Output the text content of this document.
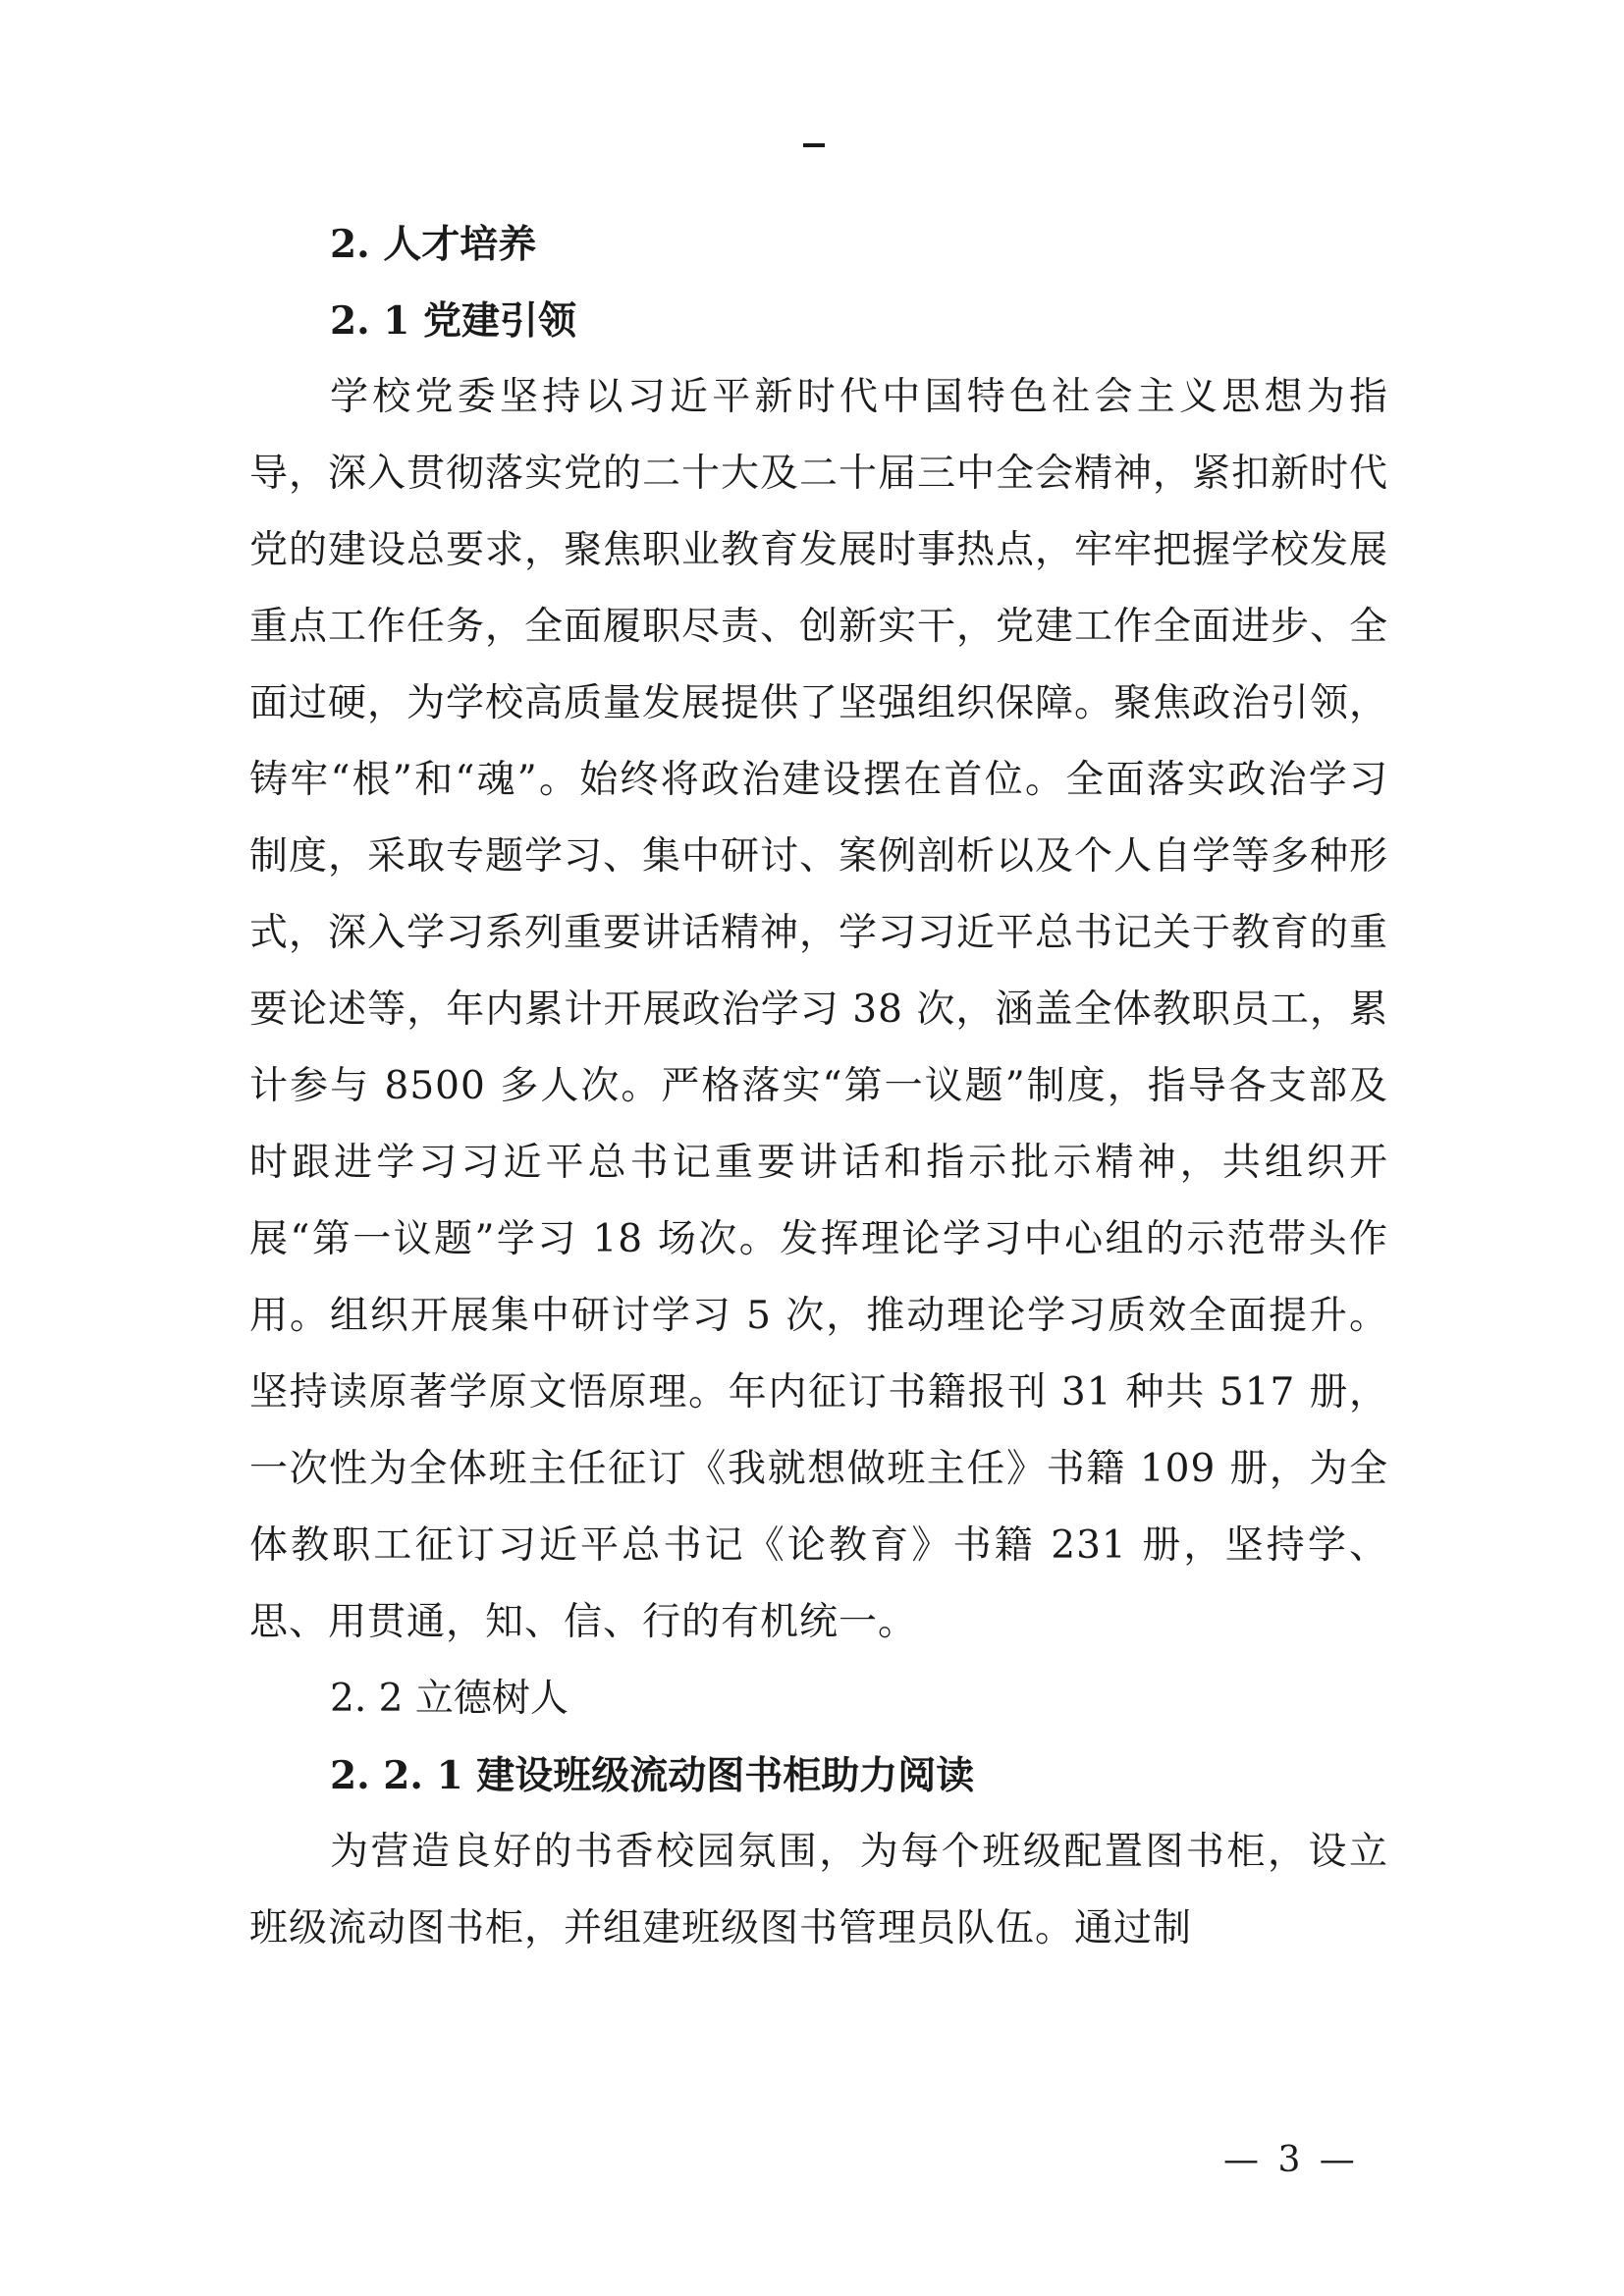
2. 人才培养
2. 1 党建引领

学校党委坚持以习近平新时代中国特色社会主义思想为指导，深入贯彻落实党的二十大及二十届三中全会精神，紧扣新时代党的建设总要求，聚焦职业教育发展时事热点，牢牢把握学校发展重点工作任务，全面履职尽责、创新实干，党建工作全面进步、全面过硬，为学校高质量发展提供了坚强组织保障。聚焦政治引领，铸牢“根”和“魂”。始终将政治建设摆在首位。全面落实政治学习制度，采取专题学习、集中研讨、案例剖析以及个人自学等多种形式，深入学习系列重要讲话精神，学习习近平总书记关于教育的重要论述等，年内累计开展政治学习 38 次，涵盖全体教职员工，累计参与 8500 多人次。严格落实“第一议题”制度，指导各支部及时跟进学习习近平总书记重要讲话和指示批示精神，共组织开展“第一议题”学习 18 场次。发挥理论学习中心组的示范带头作用。组织开展集中研讨学习 5 次，推动理论学习质效全面提升。坚持读原著学原文悟原理。年内征订书籍报刊 31 种共 517 册，一次性为全体班主任征订《我就想做班主任》书籍 109 册，为全体教职工征订习近平总书记《论教育》书籍 231 册，坚持学、思、用贯通，知、信、行的有机统一。

2. 2 立德树人
2. 2. 1 建设班级流动图书柜助力阅读

为营造良好的书香校园氛围，为每个班级配置图书柜，设立班级流动图书柜，并组建班级图书管理员队伍。通过制

— 3 —
